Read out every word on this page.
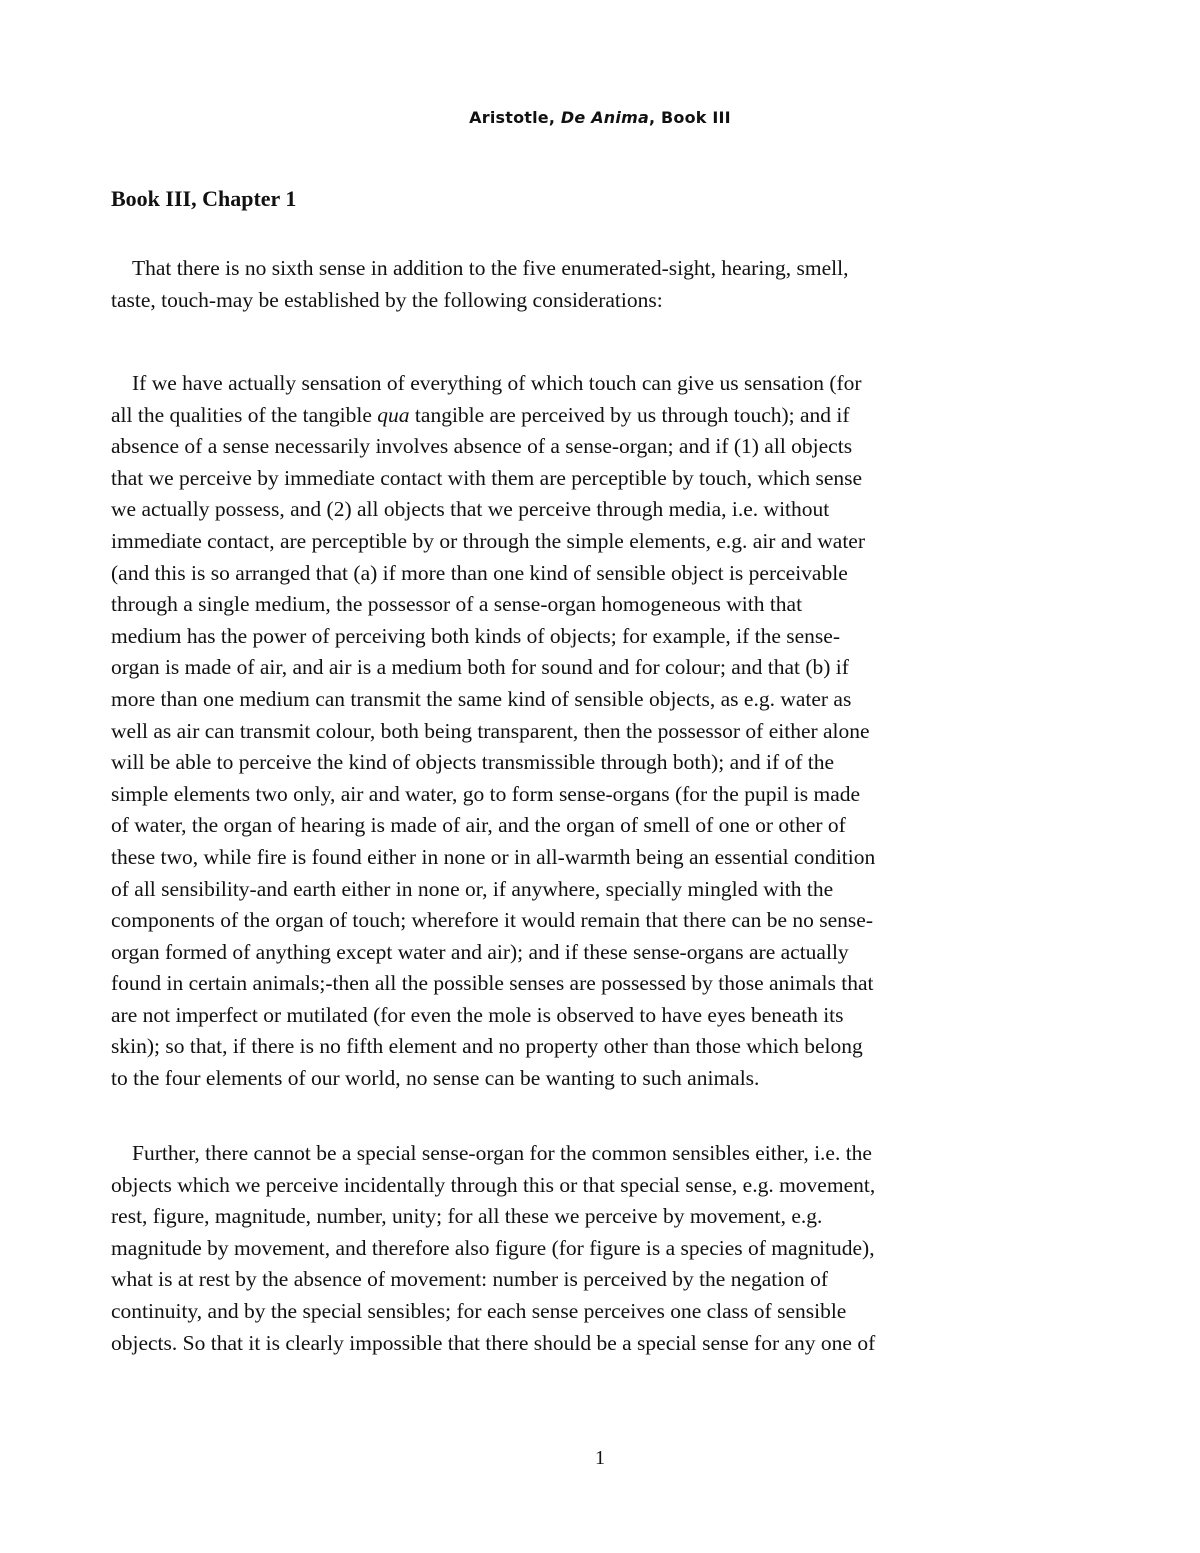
Aristotle, De Anima, Book III
Book III, Chapter 1

That there is no sixth sense in addition to the five enumerated-sight, hearing, smell,
taste, touch-may be established by the following considerations:

If we have actually sensation of everything of which touch can give us sensation (for
all the qualities of the tangible qua tangible are perceived by us through touch); and if
absence of a sense necessarily involves absence of a sense-organ; and if (1) all objects
that we perceive by immediate contact with them are perceptible by touch, which sense
we actually possess, and (2) all objects that we perceive through media, i.e. without
immediate contact, are perceptible by or through the simple elements, e.g. air and water
(and this is so arranged that (a) if more than one kind of sensible object is perceivable
through a single medium, the possessor of a sense-organ homogeneous with that
medium has the power of perceiving both kinds of objects; for example, if the sense-
organ is made of air, and air is a medium both for sound and for colour; and that (b) if
more than one medium can transmit the same kind of sensible objects, as e.g. water as
well as air can transmit colour, both being transparent, then the possessor of either alone
will be able to perceive the kind of objects transmissible through both); and if of the
simple elements two only, air and water, go to form sense-organs (for the pupil is made
of water, the organ of hearing is made of air, and the organ of smell of one or other of
these two, while fire is found either in none or in all-warmth being an essential condition
of all sensibility-and earth either in none or, if anywhere, specially mingled with the
components of the organ of touch; wherefore it would remain that there can be no sense-
organ formed of anything except water and air); and if these sense-organs are actually
found in certain animals;-then all the possible senses are possessed by those animals that
are not imperfect or mutilated (for even the mole is observed to have eyes beneath its
skin); so that, if there is no fifth element and no property other than those which belong
to the four elements of our world, no sense can be wanting to such animals.

Further, there cannot be a special sense-organ for the common sensibles either, i.e. the
objects which we perceive incidentally through this or that special sense, e.g. movement,
rest, figure, magnitude, number, unity; for all these we perceive by movement, e.g.
magnitude by movement, and therefore also figure (for figure is a species of magnitude),
what is at rest by the absence of movement: number is perceived by the negation of
continuity, and by the special sensibles; for each sense perceives one class of sensible
objects. So that it is clearly impossible that there should be a special sense for any one of

1
